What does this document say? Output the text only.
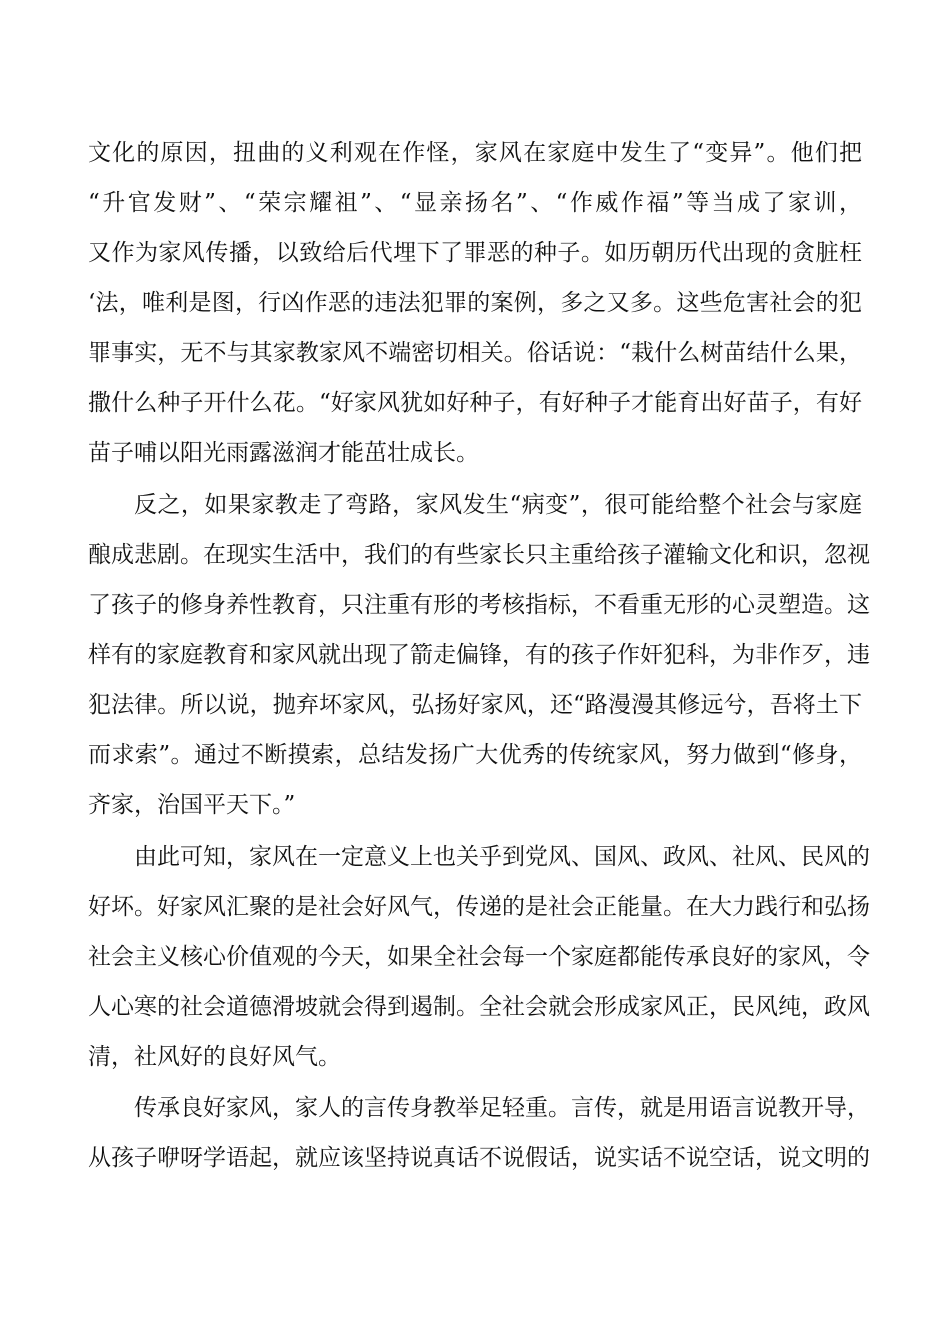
文化的原因，扭曲的义利观在作怪，家风在家庭中发生了“变异”。他们把
“升官发财”、“荣宗耀祖”、“显亲扬名”、“作威作福”等当成了家训，
又作为家风传播，以致给后代埋下了罪恶的种子。如历朝历代出现的贪脏枉
‘法，唯利是图，行凶作恶的违法犯罪的案例，多之又多。这些危害社会的犯
罪事实，无不与其家教家风不端密切相关。俗话说：“栽什么树苗结什么果，
撒什么种子开什么花。“好家风犹如好种子，有好种子才能育出好苗子，有好
苗子哺以阳光雨露滋润才能茁壮成长。
反之，如果家教走了弯路，家风发生“病变”，很可能给整个社会与家庭
酿成悲剧。在现实生活中，我们的有些家长只主重给孩子灌输文化和识，忽视
了孩子的修身养性教育，只注重有形的考核指标，不看重无形的心灵塑造。这
样有的家庭教育和家风就出现了箭走偏锋，有的孩子作奸犯科，为非作歹，违
犯法律。所以说，抛弃坏家风，弘扬好家风，还“路漫漫其修远兮，吾将土下
而求索”。通过不断摸索，总结发扬广大优秀的传统家风，努力做到“修身，
齐家，治国平天下。”
由此可知，家风在一定意义上也关乎到党风、国风、政风、社风、民风的
好坏。好家风汇聚的是社会好风气，传递的是社会正能量。在大力践行和弘扬
社会主义核心价值观的今天，如果全社会每一个家庭都能传承良好的家风，令
人心寒的社会道德滑坡就会得到遏制。全社会就会形成家风正，民风纯，政风
清，社风好的良好风气。
传承良好家风，家人的言传身教举足轻重。言传，就是用语言说教开导，
从孩子咿呀学语起，就应该坚持说真话不说假话，说实话不说空话，说文明的
